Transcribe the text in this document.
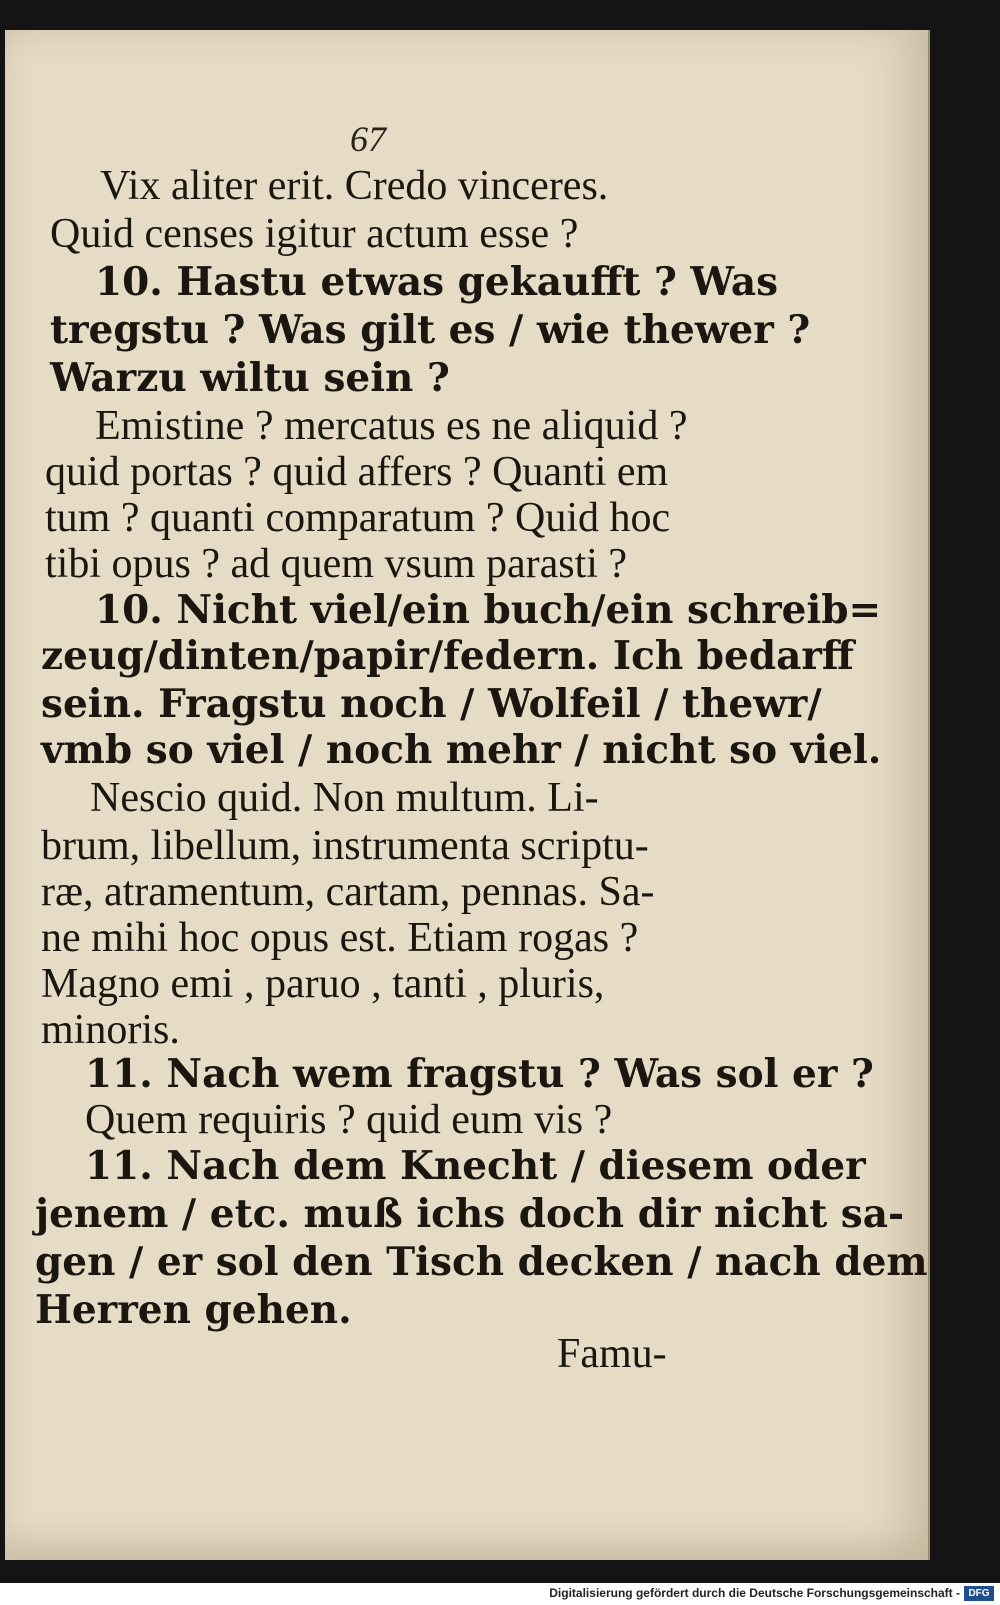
67
Vix aliter erit. Credo vinceres.
Quid censes igitur actum esse ?
10. Hastu etwas gekaufft ? Was
tregstu ? Was gilt es / wie thewer ?
Warzu wiltu sein ?
Emistine ? mercatus es ne aliquid ?
quid portas ? quid affers ? Quanti em
tum ? quanti comparatum ? Quid hoc
tibi opus ? ad quem vsum parasti ?
10. Nicht viel/ein buch/ein schreib=
zeug/dinten/papir/federn. Ich bedarff
sein. Fragstu noch / Wolfeil / thewr/
vmb so viel / noch mehr / nicht so viel.
Nescio quid. Non multum. Li-
brum, libellum, instrumenta scriptu-
ræ, atramentum, cartam, pennas. Sa-
ne mihi hoc opus est. Etiam rogas ?
Magno emi , paruo , tanti , pluris,
minoris.
11. Nach wem fragstu ? Was sol er ?
Quem requiris ? quid eum vis ?
11. Nach dem Knecht / diesem oder
jenem / etc. muß ichs doch dir nicht sa-
gen / er sol den Tisch decken / nach dem
Herren gehen.
Famu-
Digitalisierung gefördert durch die Deutsche Forschungsgemeinschaft - DFG
